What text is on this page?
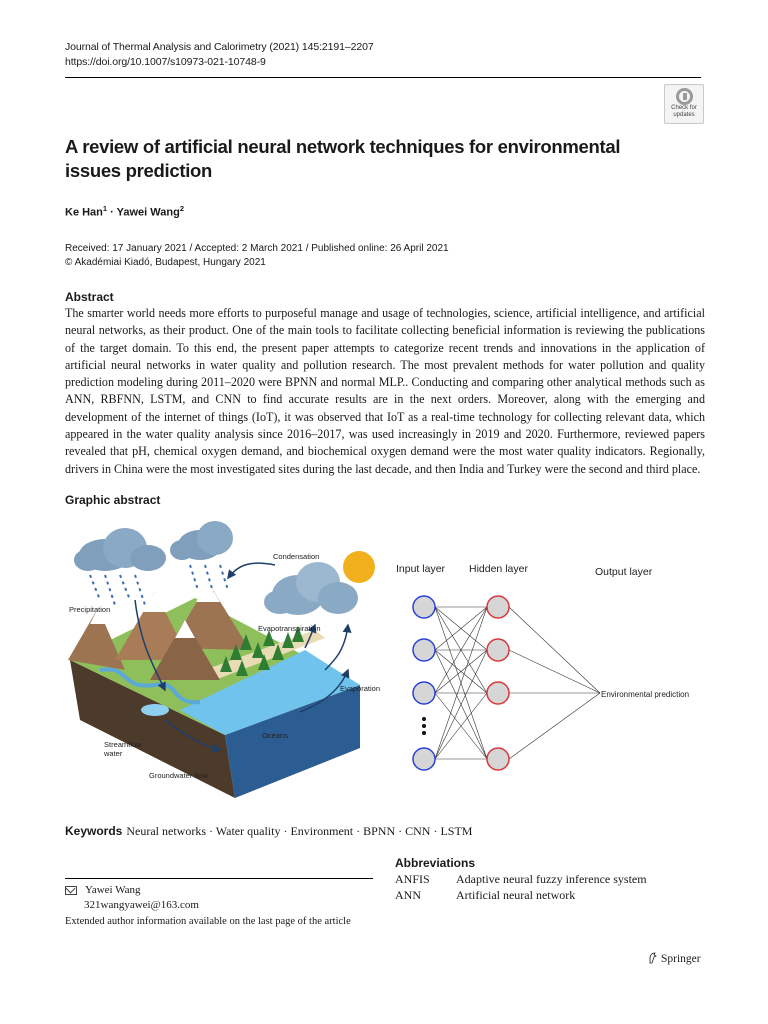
Journal of Thermal Analysis and Calorimetry (2021) 145:2191–2207
https://doi.org/10.1007/s10973-021-10748-9
Check for
updates
A review of artificial neural network techniques for environmental
issues prediction
Ke Han$^1$ · Yawei Wang$^2$
Received: 17 January 2021 / Accepted: 2 March 2021 / Published online: 26 April 2021
© Akadémiai Kiadó, Budapest, Hungary 2021
Abstract
The smarter world needs more efforts to purposeful manage and usage of technologies, science, artificial intelligence, and artificial neural networks, as their product. One of the main tools to facilitate collecting beneficial information is reviewing the publications of the target domain. To this end, the present paper attempts to categorize recent trends and innovations in the application of artificial neural networks in water quality and pollution research. The most prevalent methods for water pollution and quality prediction modeling during 2011–2020 were BPNN and normal MLP.. Conducting and comparing other analytical methods such as ANN, RBFNN, LSTM, and CNN to find accurate results are in the next orders. Moreover, along with the emerging and development of the internet of things (IoT), it was observed that IoT as a real-time technology for collecting relevant data, which appeared in the water quality analysis since 2016–2017, was used increasingly in 2019 and 2020. Furthermore, reviewed papers revealed that pH, chemical oxygen demand, and biochemical oxygen demand were the most water quality indicators. Regionally, drivers in China were the most investigated sites during the last decade, and then India and Turkey were the second and third place.
Graphic abstract
Condensation
Precipitation
Evapotranspiration
Evaporation
Oceans
Streamflow
water
Groundwater flow
Input layer Hidden layer	Output layer
Environmental prediction
Keywords Neural networks · Water quality · Environment · BPNN · CNN · LSTM
Abbreviations
ANFIS Adaptive neural fuzzy inference system
ANN	Artificial neural network
Yawei Wang
321wangyawei@163.com
Extended author information available on the last page of the article
Springer
